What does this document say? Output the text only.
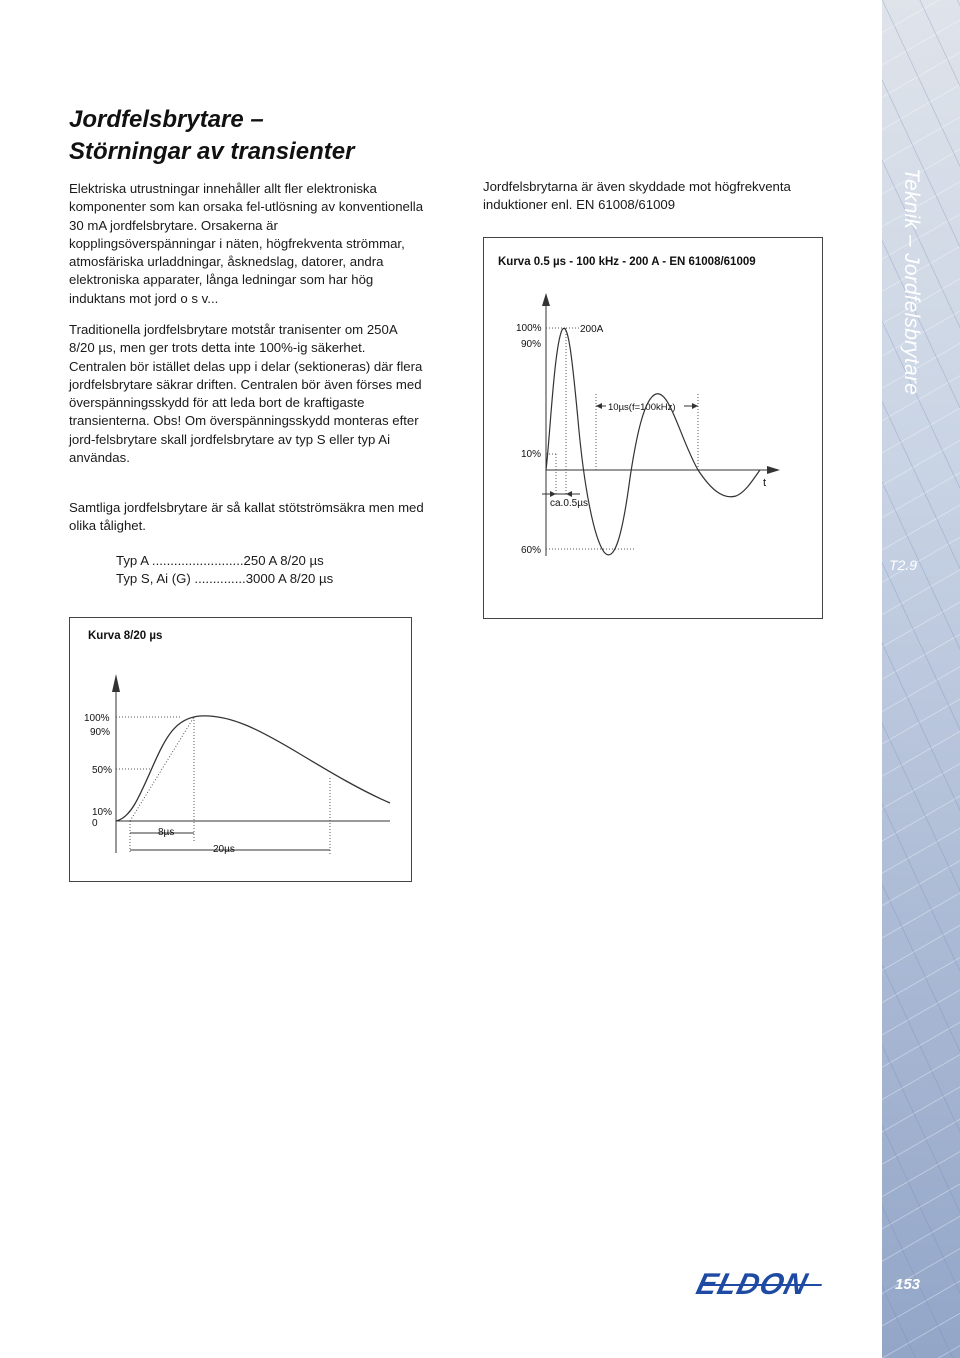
Jordfelsbrytare –
Störningar av transienter

Elektriska utrustningar innehåller allt fler elektroniska komponenter som kan orsaka fel-utlösning av konventionella 30 mA jordfelsbrytare. Orsakerna är kopplingsöverspänningar i näten, högfrekventa strömmar, atmosfäriska urladdningar, åsknedslag, datorer, andra elektroniska apparater, långa ledningar som har hög induktans mot jord o s v...

Traditionella jordfelsbrytare motstår tranisenter om 250A 8/20 µs, men ger trots detta inte 100%-ig säkerhet. Centralen bör istället delas upp i delar (sektioneras) där flera jordfelsbrytare säkrar driften. Centralen bör även förses med överspänningsskydd för att leda bort de kraftigaste transienterna. Obs! Om överspänningsskydd monteras efter jord-felsbrytare skall jordfelsbrytare av typ S eller typ Ai användas.

Samtliga jordfelsbrytare är så kallat stötströmsäkra men med olika tålighet.

Typ A .........................250 A 8/20 µs
Typ S, Ai (G) ..............3000 A 8/20 µs

Jordfelsbrytarna är även skyddade mot högfrekventa induktioner enl. EN 61008/61009

Kurva 0.5 µs - 100 kHz - 200 A - EN 61008/61009
t
100%
90%
10%
60%
ca.0.5µs
200A
10µs(f=100kHz)
Kurva 8/20 µs
100%
90%
50%
10%
0
8µs
20µs
Teknik – Jordfelsbrytare
T2.9
153
ELDON
